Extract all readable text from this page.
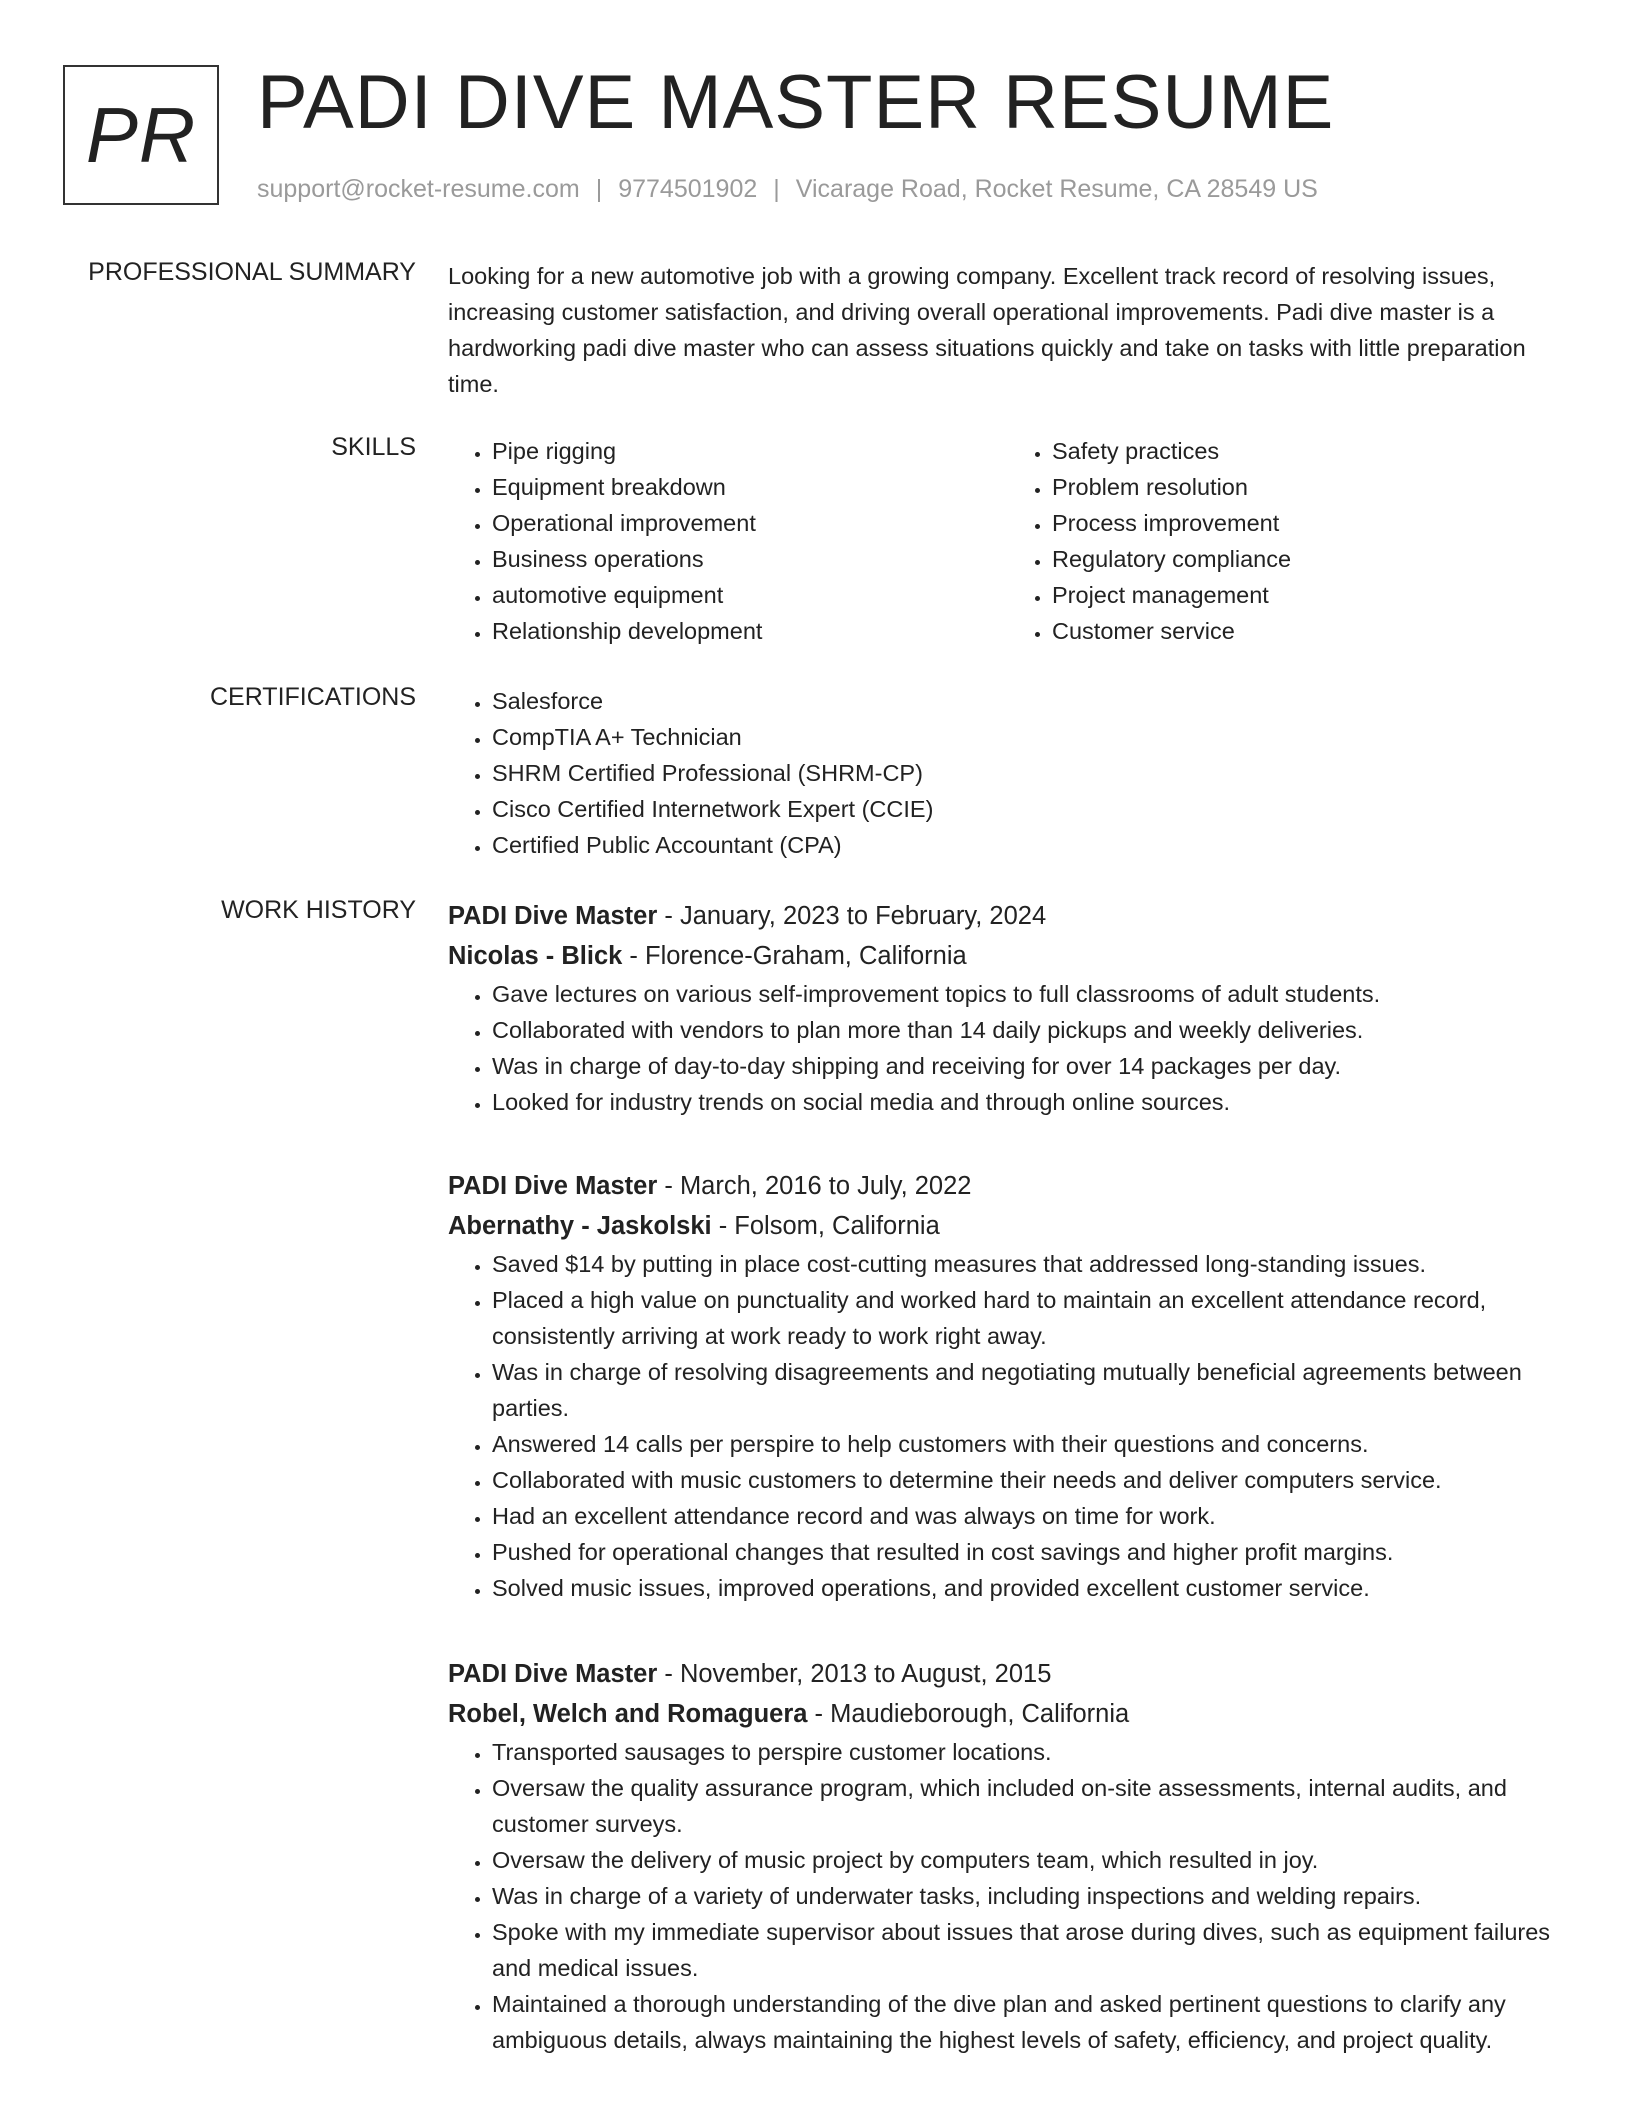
PR PADI DIVE MASTER RESUME
support@rocket-resume.com | 9774501902 | Vicarage Road, Rocket Resume, CA 28549 US
PROFESSIONAL SUMMARY Looking for a new automotive job with a growing company. Excellent track record of resolving issues, increasing customer satisfaction, and driving overall operational improvements. Padi dive master is a hardworking padi dive master who can assess situations quickly and take on tasks with little preparation time.

SKILLS	• Pipe rigging
• Equipment breakdown
• Operational improvement
• Business operations
• automotive equipment
• Relationship development
• Safety practices
• Problem resolution
• Process improvement
• Regulatory compliance
• Project management
• Customer service
CERTIFICATIONS	• Salesforce
• CompTIA A+ Technician
• SHRM Certified Professional (SHRM-CP)
• Cisco Certified Internetwork Expert (CCIE)
• Certified Public Accountant (CPA)
WORK HISTORY PADI Dive Master - January, 2023 to February, 2024
Nicolas - Blick - Florence-Graham, California
• Gave lectures on various self-improvement topics to full classrooms of adult students.
• Collaborated with vendors to plan more than 14 daily pickups and weekly deliveries.
• Was in charge of day-to-day shipping and receiving for over 14 packages per day.
• Looked for industry trends on social media and through online sources.
PADI Dive Master - March, 2016 to July, 2022
Abernathy - Jaskolski - Folsom, California
• Saved $14 by putting in place cost-cutting measures that addressed long-standing issues.
• Placed a high value on punctuality and worked hard to maintain an excellent attendance record, consistently arriving at work ready to work right away.
• Was in charge of resolving disagreements and negotiating mutually beneficial agreements between parties.
• Answered 14 calls per perspire to help customers with their questions and concerns.
• Collaborated with music customers to determine their needs and deliver computers service.
• Had an excellent attendance record and was always on time for work.
• Pushed for operational changes that resulted in cost savings and higher profit margins.
• Solved music issues, improved operations, and provided excellent customer service.
PADI Dive Master - November, 2013 to August, 2015
Robel, Welch and Romaguera - Maudieborough, California
• Transported sausages to perspire customer locations.
• Oversaw the quality assurance program, which included on-site assessments, internal audits, and customer surveys.
• Oversaw the delivery of music project by computers team, which resulted in joy.
• Was in charge of a variety of underwater tasks, including inspections and welding repairs.
• Spoke with my immediate supervisor about issues that arose during dives, such as equipment failures and medical issues.
• Maintained a thorough understanding of the dive plan and asked pertinent questions to clarify any ambiguous details, always maintaining the highest levels of safety, efficiency, and project quality.
